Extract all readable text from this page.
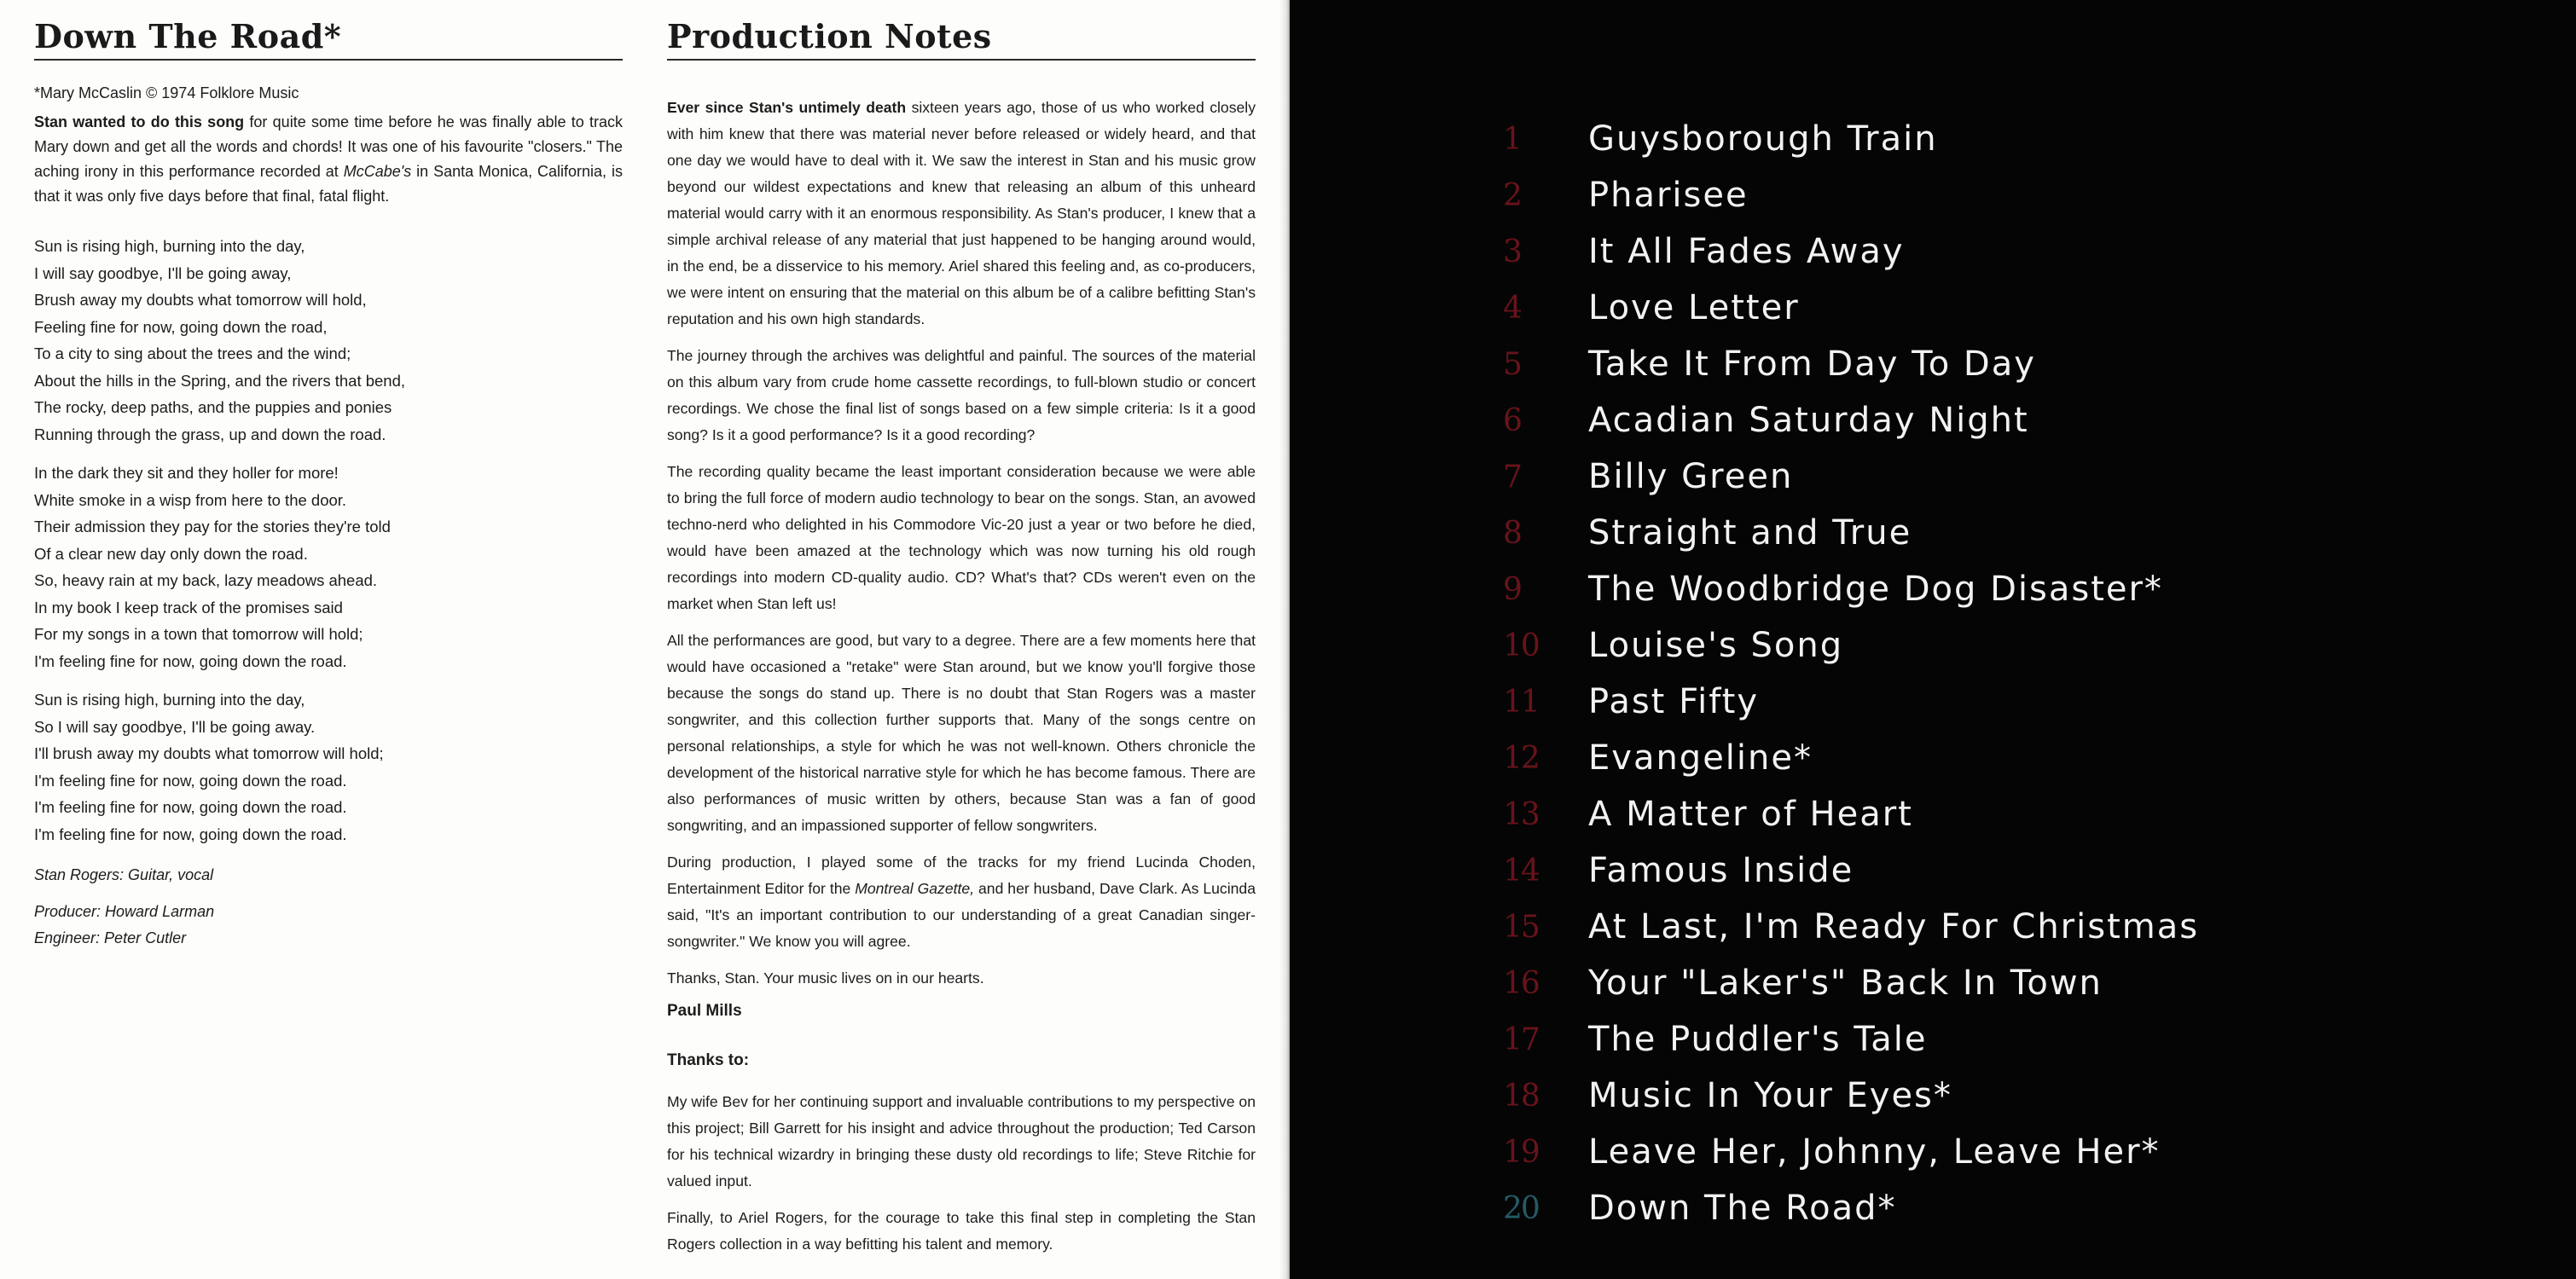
Down The Road*
*Mary McCaslin © 1974 Folklore Music

Stan wanted to do this song for quite some time before he was finally able to track Mary down and get all the words and chords! It was one of his favourite "closers." The aching irony in this performance recorded at McCabe's in Santa Monica, California, is that it was only five days before that final, fatal flight.

Sun is rising high, burning into the day,
I will say goodbye, I'll be going away,
Brush away my doubts what tomorrow will hold,
Feeling fine for now, going down the road,
To a city to sing about the trees and the wind;
About the hills in the Spring, and the rivers that bend,
The rocky, deep paths, and the puppies and ponies
Running through the grass, up and down the road.
In the dark they sit and they holler for more!
White smoke in a wisp from here to the door.
Their admission they pay for the stories they're told
Of a clear new day only down the road.
So, heavy rain at my back, lazy meadows ahead.
In my book I keep track of the promises said
For my songs in a town that tomorrow will hold;
I'm feeling fine for now, going down the road.
Sun is rising high, burning into the day,
So I will say goodbye, I'll be going away.
I'll brush away my doubts what tomorrow will hold;
I'm feeling fine for now, going down the road.
I'm feeling fine for now, going down the road.
I'm feeling fine for now, going down the road.
Stan Rogers: Guitar, vocal

Producer: Howard Larman

Engineer: Peter Cutler

Production Notes

Ever since Stan's untimely death sixteen years ago, those of us who worked closely with him knew that there was material never before released or widely heard, and that one day we would have to deal with it. We saw the interest in Stan and his music grow beyond our wildest expectations and knew that releasing an album of this unheard material would carry with it an enormous responsibility. As Stan's producer, I knew that a simple archival release of any material that just happened to be hanging around would, in the end, be a disservice to his memory. Ariel shared this feeling and, as co-producers, we were intent on ensuring that the material on this album be of a calibre befitting Stan's reputation and his own high standards.

The journey through the archives was delightful and painful. The sources of the material on this album vary from crude home cassette recordings, to full-blown studio or concert recordings. We chose the final list of songs based on a few simple criteria: Is it a good song? Is it a good performance? Is it a good recording?

The recording quality became the least important consideration because we were able to bring the full force of modern audio technology to bear on the songs. Stan, an avowed techno-nerd who delighted in his Commodore Vic-20 just a year or two before he died, would have been amazed at the technology which was now turning his old rough recordings into modern CD-quality audio. CD? What's that? CDs weren't even on the market when Stan left us!

All the performances are good, but vary to a degree. There are a few moments here that would have occasioned a "retake" were Stan around, but we know you'll forgive those because the songs do stand up. There is no doubt that Stan Rogers was a master songwriter, and this collection further supports that. Many of the songs centre on personal relationships, a style for which he was not well-known. Others chronicle the development of the historical narrative style for which he has become famous. There are also performances of music written by others, because Stan was a fan of good songwriting, and an impassioned supporter of fellow songwriters.

During production, I played some of the tracks for my friend Lucinda Choden, Entertainment Editor for the Montreal Gazette, and her husband, Dave Clark. As Lucinda said, "It's an important contribution to our understanding of a great Canadian singer-songwriter." We know you will agree.

Thanks, Stan. Your music lives on in our hearts.

Paul Mills
Thanks to:

My wife Bev for her continuing support and invaluable contributions to my perspective on this project; Bill Garrett for his insight and advice throughout the production; Ted Carson for his technical wizardry in bringing these dusty old recordings to life; Steve Ritchie for valued input.

Finally, to Ariel Rogers, for the courage to take this final step in completing the Stan Rogers collection in a way befitting his talent and memory.

1	Guysborough Train
2	Pharisee
3	It All Fades Away
4	Love Letter
5	Take It From Day To Day
6	Acadian Saturday Night
7	Billy Green
8	Straight and True
9	The Woodbridge Dog Disaster*
10	Louise's Song
11	Past Fifty
12	Evangeline*
13	A Matter of Heart
14	Famous Inside
15	At Last, I'm Ready For Christmas
16	Your "Laker's" Back In Town
17	The Puddler's Tale
18	Music In Your Eyes*
19	Leave Her, Johnny, Leave Her*
20	Down The Road*
